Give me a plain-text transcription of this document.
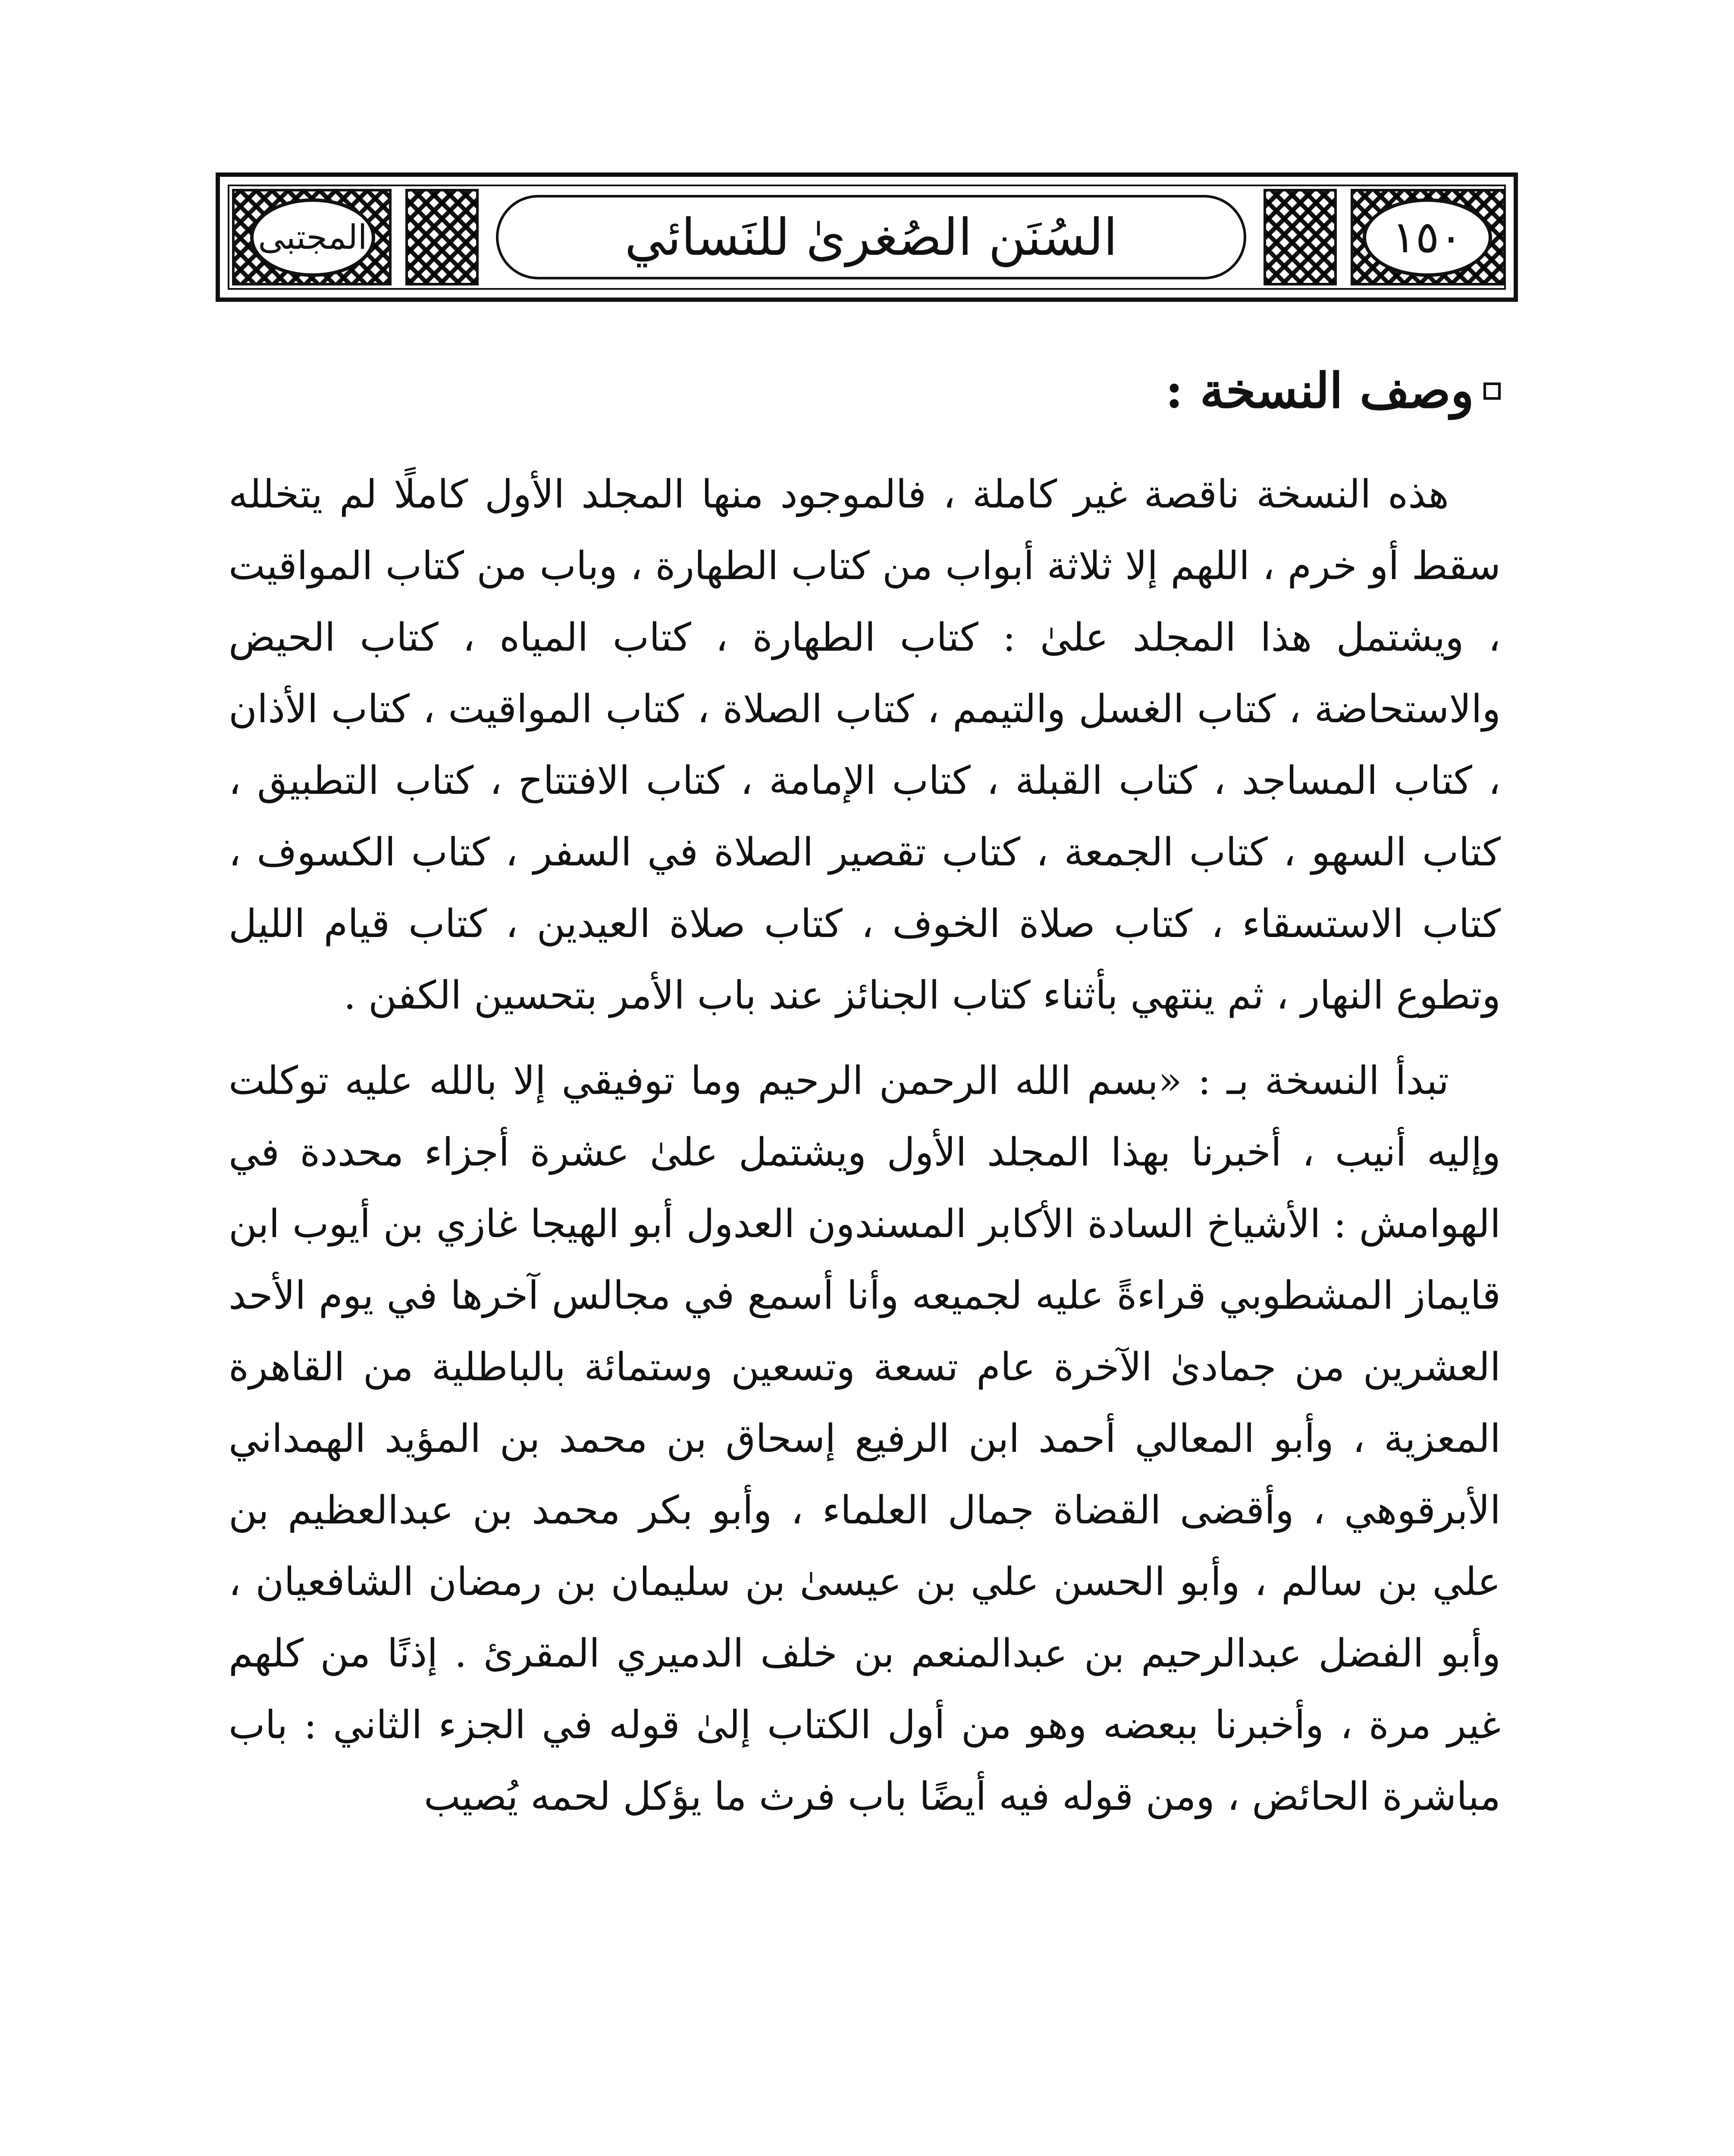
المجتبى	السُنَن الصُغرىٰ للنَسائي	١٥٠
وصف النسخة :

هذه النسخة ناقصة غير كاملة ، فالموجود منها المجلد الأول كاملًا لم يتخلله سقط أو خرم ، اللهم إلا ثلاثة أبواب من كتاب الطهارة ، وباب من كتاب المواقيت ، ويشتمل هذا المجلد علىٰ : كتاب الطهارة ، كتاب المياه ، كتاب الحيض والاستحاضة ، كتاب الغسل والتيمم ، كتاب الصلاة ، كتاب المواقيت ، كتاب الأذان ، كتاب المساجد ، كتاب القبلة ، كتاب الإمامة ، كتاب الافتتاح ، كتاب التطبيق ، كتاب السهو ، كتاب الجمعة ، كتاب تقصير الصلاة في السفر ، كتاب الكسوف ، كتاب الاستسقاء ، كتاب صلاة الخوف ، كتاب صلاة العيدين ، كتاب قيام الليل وتطوع النهار ، ثم ينتهي بأثناء كتاب الجنائز عند باب الأمر بتحسين الكفن .

تبدأ النسخة بـ : «بسم الله الرحمن الرحيم وما توفيقي إلا بالله عليه توكلت وإليه أنيب ، أخبرنا بهذا المجلد الأول ويشتمل علىٰ عشرة أجزاء محددة في الهوامش : الأشياخ السادة الأكابر المسندون العدول أبو الهيجا غازي بن أيوب ابن قايماز المشطوبي قراءةً عليه لجميعه وأنا أسمع في مجالس آخرها في يوم الأحد العشرين من جمادىٰ الآخرة عام تسعة وتسعين وستمائة بالباطلية من القاهرة المعزية ، وأبو المعالي أحمد ابن الرفيع إسحاق بن محمد بن المؤيد الهمداني الأبرقوهي ، وأقضى القضاة جمال العلماء ، وأبو بكر محمد بن عبدالعظيم بن علي بن سالم ، وأبو الحسن علي بن عيسىٰ بن سليمان بن رمضان الشافعيان ، وأبو الفضل عبدالرحيم بن عبدالمنعم بن خلف الدميري المقرئ . إذنًا من كلهم غير مرة ، وأخبرنا ببعضه وهو من أول الكتاب إلىٰ قوله في الجزء الثاني : باب مباشرة الحائض ، ومن قوله فيه أيضًا باب فرث ما يؤكل لحمه يُصيب
